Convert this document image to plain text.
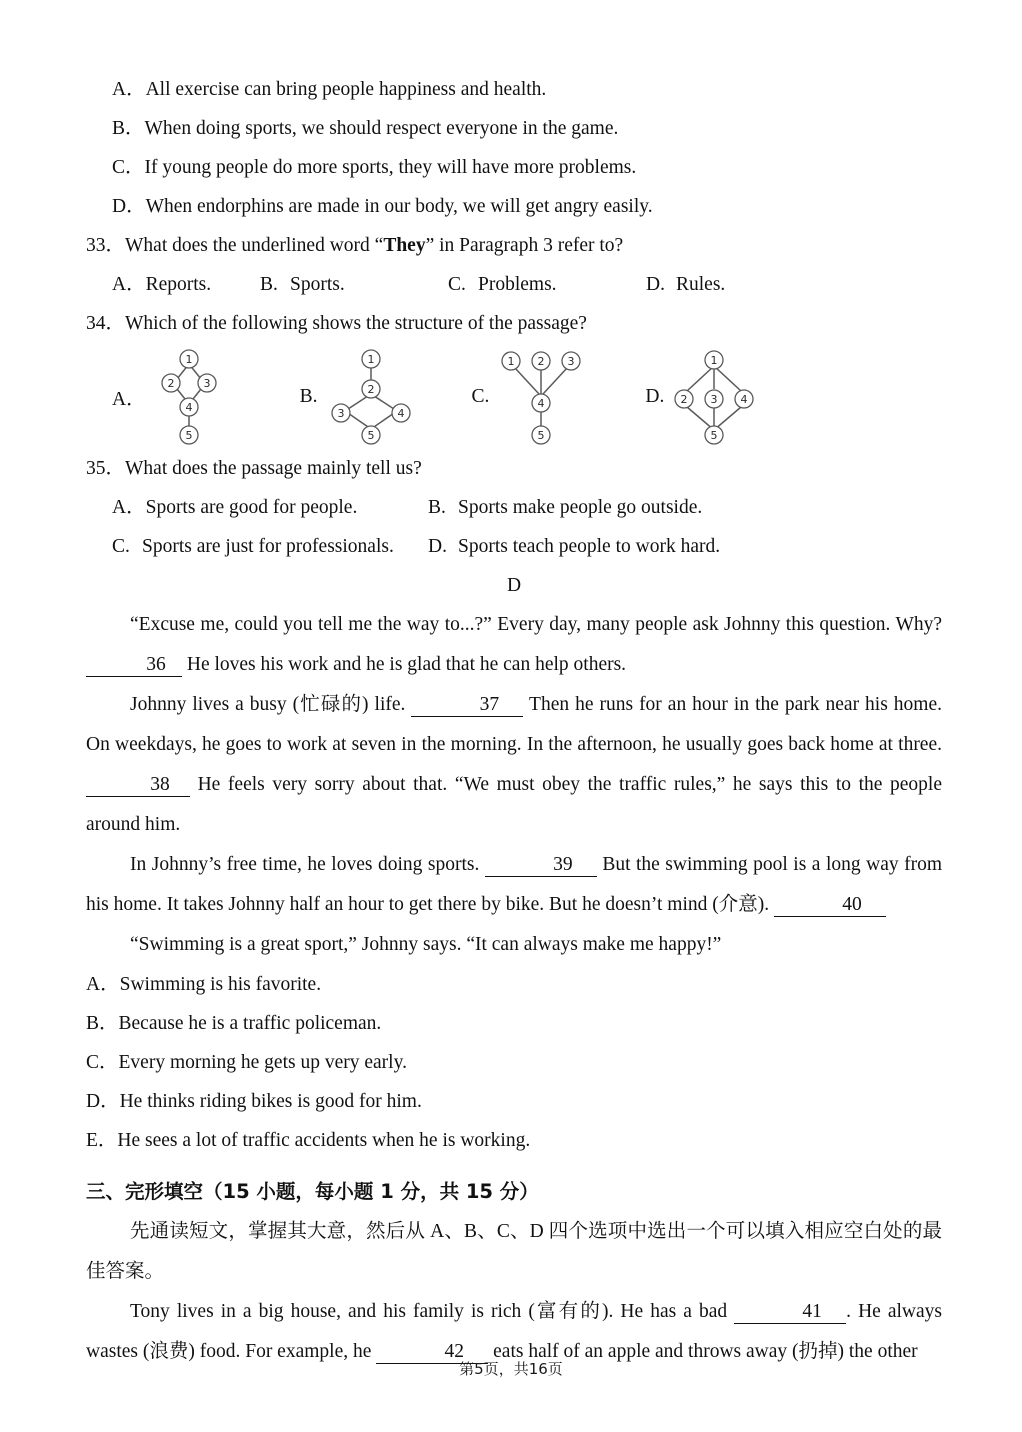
A．All exercise can bring people happiness and health.
B．When doing sports, we should respect everyone in the game.
C．If young people do more sports, they will have more problems.
D．When endorphins are made in our body, we will get angry easily.
33．What does the underlined word “They” in Paragraph 3 refer to?
A．Reports.	B. Sports.	C. Problems.	D. Rules.
34．Which of the following shows the structure of the passage?
A．
1
2	3
4
5
B.
1
2
3	4
5
C.
1 2 3
4
5
D.
1
2 3 4
5
35．What does the passage mainly tell us?
A．Sports are good for people.	B. Sports make people go outside.
C. Sports are just for professionals.	D. Sports teach people to work hard.
D
“Excuse me, could you tell me the way to...?” Every day, many people ask Johnny this question. Why? 36 He loves his work and he is glad that he can help others.
Johnny lives a busy (忙碌的) life.	37 Then he runs for an hour in the park near his home. On weekdays, he goes to work at seven in the morning. In the afternoon, he usually goes back home at three. 38 He feels very sorry about that. “We must obey the traffic rules,” he says this to the people around him.
In Johnny’s free time, he loves doing sports.	39 But the swimming pool is a long way from his home. It takes Johnny half an hour to get there by bike. But he doesn’t mind (介意).	40
“Swimming is a great sport,” Johnny says. “It can always make me happy!”
A．Swimming is his favorite.
B．Because he is a traffic policeman.
C．Every morning he gets up very early.
D．He thinks riding bikes is good for him.
E．He sees a lot of traffic accidents when he is working.
三、完形填空（15 小题，每小题 1 分，共 15 分）
先通读短文，掌握其大意，然后从 A、B、C、D 四个选项中选出一个可以填入相应空白处的最佳答案。
Tony lives in a big house, and his family is rich (富有的). He has a bad	41 . He always wastes (浪费) food. For example, he	42 eats half of an apple and throws away (扔掉) the other
第5页，共16页
